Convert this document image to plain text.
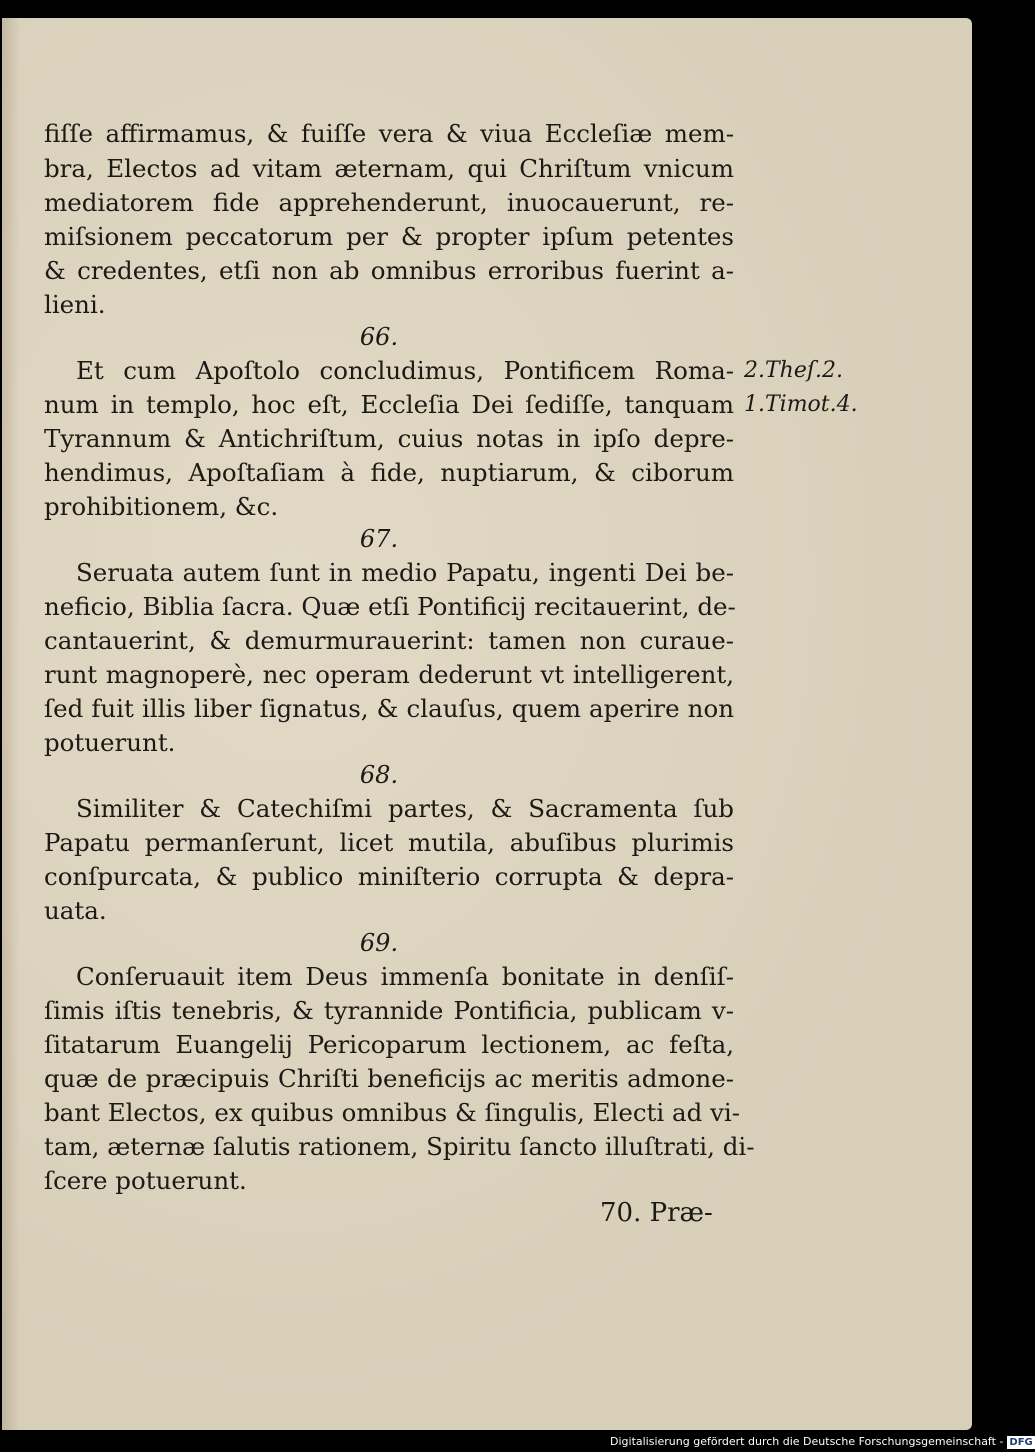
fiſſe affirmamus, & fuiſſe vera & viua Eccleſiæ mem‑
bra, Electos ad vitam æternam, qui Chriſtum vnicum
mediatorem fide apprehenderunt, inuocauerunt, re‑
miſsionem peccatorum per & propter ipſum petentes
& credentes, etſi non ab omnibus erroribus fuerint a‑
lieni.
66.
Et cum Apoſtolo concludimus, Pontificem Roma‑
num in templo, hoc eſt, Eccleſia Dei ſediſſe, tanquam
Tyrannum & Antichriſtum, cuius notas in ipſo depre‑
hendimus, Apoſtaſiam à fide, nuptiarum, & ciborum
prohibitionem, &c.
67.
Seruata autem ſunt in medio Papatu, ingenti Dei be‑
neficio, Biblia ſacra. Quæ etſi Pontificij recitauerint, de‑
cantauerint, & demurmurauerint: tamen non curaue‑
runt magnoperè, nec operam dederunt vt intelligerent,
ſed fuit illis liber ſignatus, & clauſus, quem aperire non
potuerunt.
68.
Similiter & Catechiſmi partes, & Sacramenta ſub
Papatu permanſerunt, licet mutila, abuſibus plurimis
conſpurcata, & publico miniſterio corrupta & depra‑
uata.
69.
Conſeruauit item Deus immenſa bonitate in denſiſ‑
ſimis iſtis tenebris, & tyrannide Pontificia, publicam v‑
ſitatarum Euangelij Pericoparum lectionem, ac feſta,
quæ de præcipuis Chriſti beneficijs ac meritis admone‑
bant Electos, ex quibus omnibus & ſingulis, Electi ad vi‑
tam, æternæ ſalutis rationem, Spiritu ſancto illuſtrati, di‑
ſcere potuerunt.
2.Theſ.2.
1.Timot.4.
70. Præ‑
Digitalisierung gefördert durch die Deutsche Forschungsgemeinschaft - DFG
